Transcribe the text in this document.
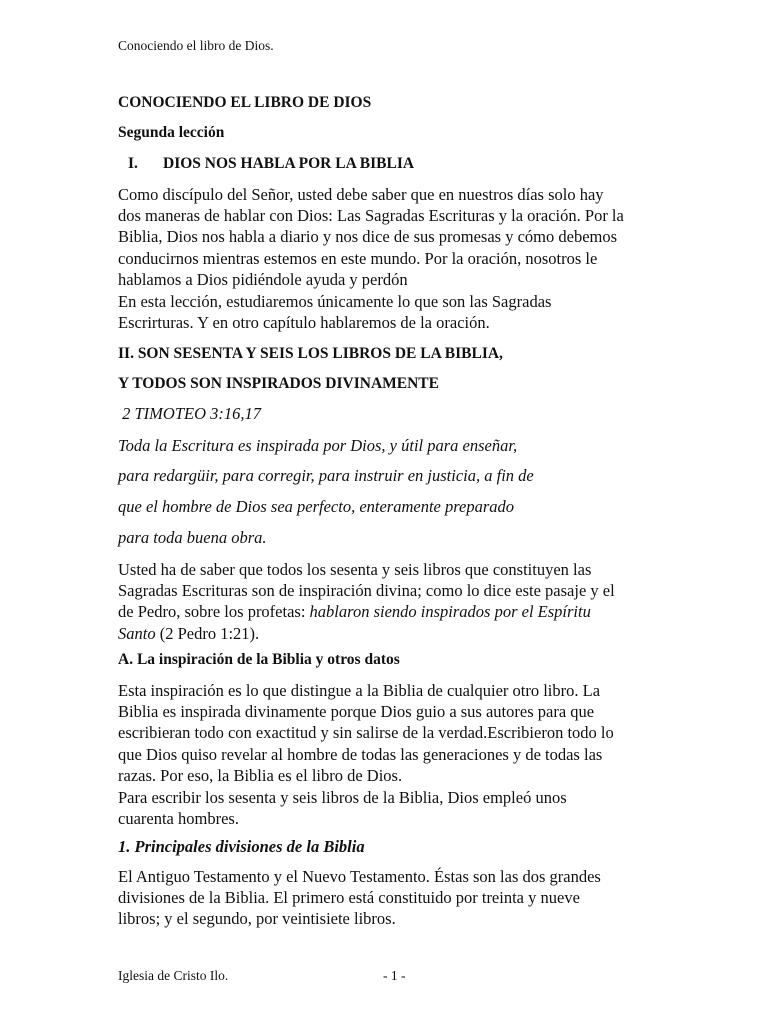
Conociendo el libro de Dios.

CONOCIENDO EL LIBRO DE DIOS

Segunda lección

I. DIOS NOS HABLA POR LA BIBLIA

Como discípulo del Señor, usted debe saber que en nuestros días solo hay
dos maneras de hablar con Dios: Las Sagradas Escrituras y la oración. Por la
Biblia, Dios nos habla a diario y nos dice de sus promesas y cómo debemos
conducirnos mientras estemos en este mundo. Por la oración, nosotros le
hablamos a Dios pidiéndole ayuda y perdón
En esta lección, estudiaremos únicamente lo que son las Sagradas
Escrirturas. Y en otro capítulo hablaremos de la oración.

II. SON SESENTA Y SEIS LOS LIBROS DE LA BIBLIA,

Y TODOS SON INSPIRADOS DIVINAMENTE

2 TIMOTEO 3:16,17

Toda la Escritura es inspirada por Dios, y útil para enseñar,

para redargüir, para corregir, para instruir en justicia, a fin de

que el hombre de Dios sea perfecto, enteramente preparado

para toda buena obra.

Usted ha de saber que todos los sesenta y seis libros que constituyen las
Sagradas Escrituras son de inspiración divina; como lo dice este pasaje y el
de Pedro, sobre los profetas: hablaron siendo inspirados por el Espíritu
Santo (2 Pedro 1:21).

A. La inspiración de la Biblia y otros datos

Esta inspiración es lo que distingue a la Biblia de cualquier otro libro. La
Biblia es inspirada divinamente porque Dios guio a sus autores para que
escribieran todo con exactitud y sin salirse de la verdad.Escribieron todo lo
que Dios quiso revelar al hombre de todas las generaciones y de todas las
razas. Por eso, la Biblia es el libro de Dios.
Para escribir los sesenta y seis libros de la Biblia, Dios empleó unos
cuarenta hombres.

1. Principales divisiones de la Biblia

El Antiguo Testamento y el Nuevo Testamento. Éstas son las dos grandes
divisiones de la Biblia. El primero está constituido por treinta y nueve
libros; y el segundo, por veintisiete libros.

Iglesia de Cristo Ilo.	- 1 -
